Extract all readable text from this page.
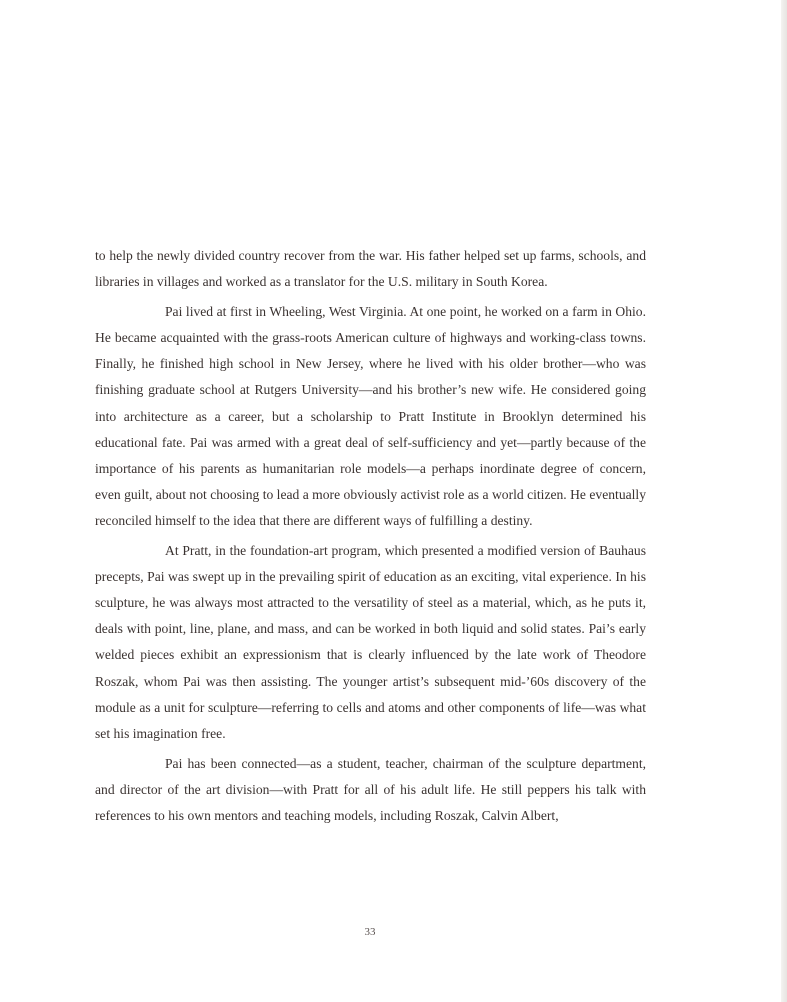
to help the newly divided country recover from the war. His father helped set up farms, schools, and libraries in villages and worked as a translator for the U.S. military in South Korea.

Pai lived at first in Wheeling, West Virginia. At one point, he worked on a farm in Ohio. He became acquainted with the grass-roots American culture of highways and working-class towns. Finally, he finished high school in New Jersey, where he lived with his older brother—who was finishing graduate school at Rutgers University—and his brother’s new wife. He considered going into architecture as a career, but a scholarship to Pratt Institute in Brooklyn determined his educational fate. Pai was armed with a great deal of self-sufficiency and yet—partly because of the importance of his parents as humanitarian role models—a perhaps inordinate degree of concern, even guilt, about not choosing to lead a more obviously activist role as a world citizen. He eventually reconciled himself to the idea that there are different ways of fulfilling a destiny.

At Pratt, in the foundation-art program, which presented a modified version of Bauhaus precepts, Pai was swept up in the prevailing spirit of education as an exciting, vital experience. In his sculpture, he was always most attracted to the versatility of steel as a material, which, as he puts it, deals with point, line, plane, and mass, and can be worked in both liquid and solid states. Pai’s early welded pieces exhibit an expressionism that is clearly influenced by the late work of Theodore Roszak, whom Pai was then assisting. The younger artist’s subsequent mid-’60s discovery of the module as a unit for sculpture—referring to cells and atoms and other components of life—was what set his imagination free.

Pai has been connected—as a student, teacher, chairman of the sculpture department, and director of the art division—with Pratt for all of his adult life. He still peppers his talk with references to his own mentors and teaching models, including Roszak, Calvin Albert,

33
